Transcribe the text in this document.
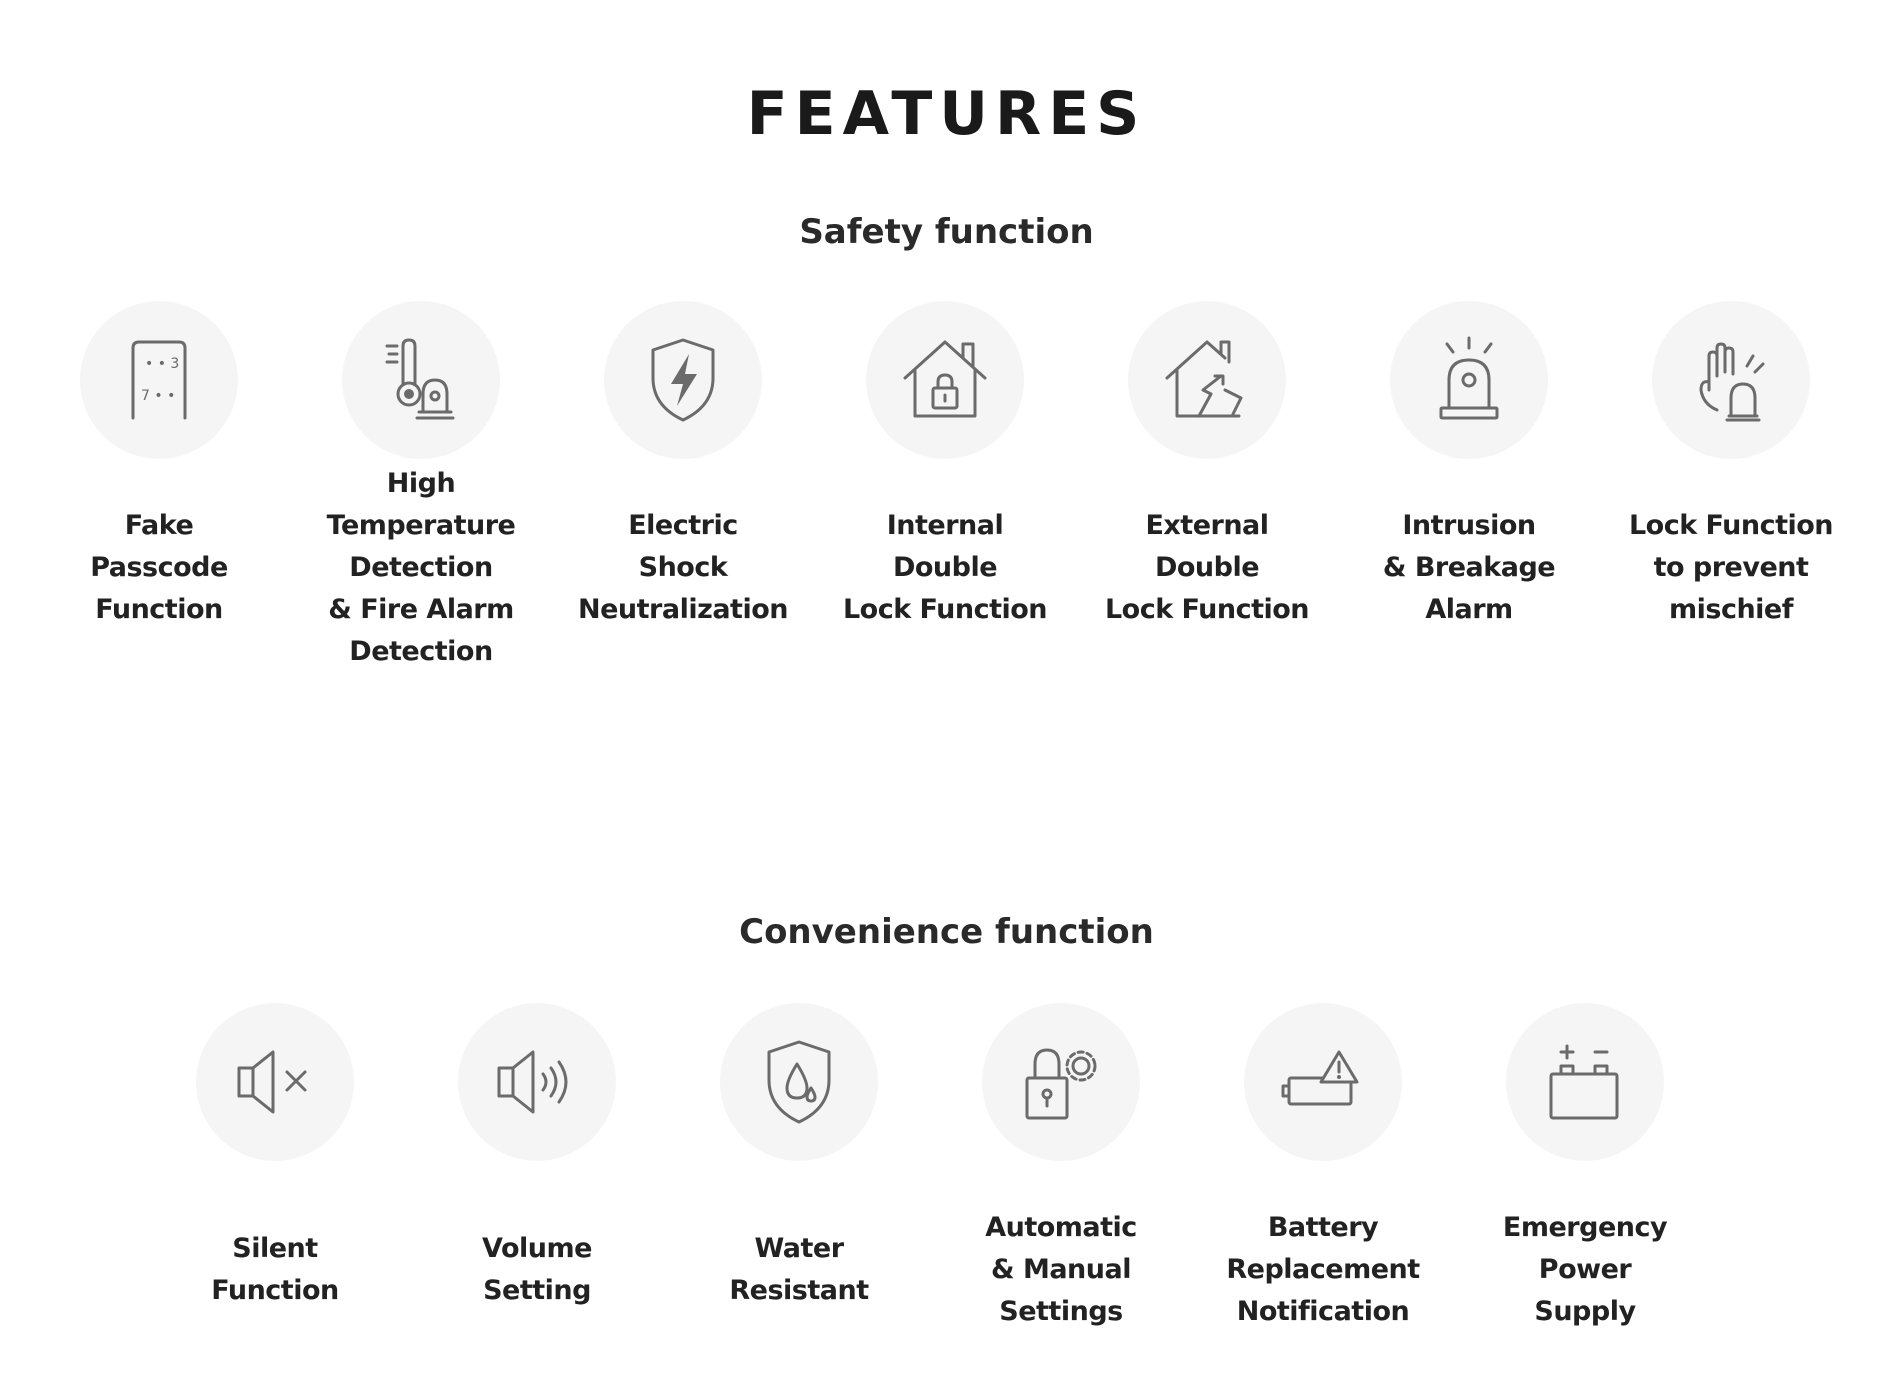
FEATURES
Safety function
• • 3
7 • •
Fake
Passcode
Function
High
Temperature
Detection
& Fire Alarm
Detection
Electric
Shock
Neutralization
Internal
Double
Lock Function
External
Double
Lock Function
Intrusion
& Breakage
Alarm
Lock Function
to prevent
mischief
Convenience function
Silent
Function
Volume
Setting
Water
Resistant
Automatic
& Manual
Settings
Battery
Replacement
Notification
Emergency
Power
Supply
